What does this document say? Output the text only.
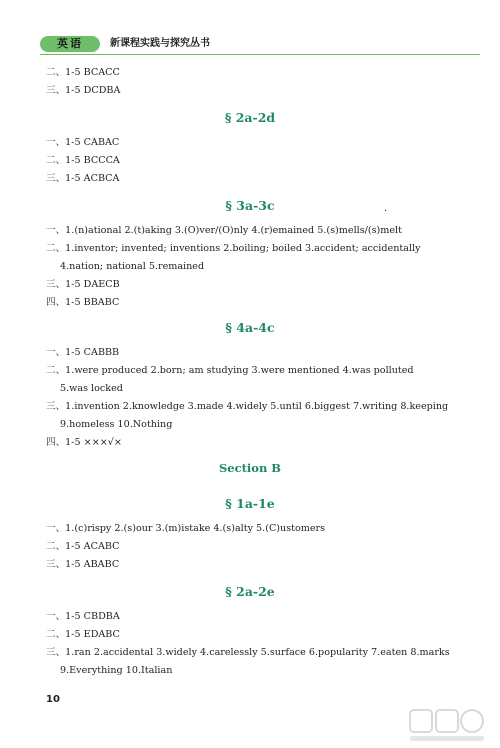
英语	新课程实践与探究丛书
二、1-5 BCACC
三、1-5 DCDBA
§ 2a-2d
一、1-5 CABAC
二、1-5 BCCCA
三、1-5 ACBCA
§ 3a-3c	.
一、1.(n)ational 2.(t)aking 3.(O)ver/(O)nly 4.(r)emained 5.(s)mells/(s)melt
二、1.inventor; invented; inventions 2.boiling; boiled 3.accident; accidentally
4.nation; national 5.remained
三、1-5 DAECB
四、1-5 BBABC
§ 4a-4c
一、1-5 CABBB
二、1.were produced 2.born; am studying 3.were mentioned 4.was polluted
5.was locked
三、1.invention 2.knowledge 3.made 4.widely 5.until 6.biggest 7.writing 8.keeping
9.homeless 10.Nothing
四、1-5 ×××√×
Section B
§ 1a-1e
一、1.(c)rispy 2.(s)our 3.(m)istake 4.(s)alty 5.(C)ustomers
二、1-5 ACABC
三、1-5 ABABC
§ 2a-2e
一、1-5 CBDBA
二、1-5 EDABC
三、1.ran 2.accidental 3.widely 4.carelessly 5.surface 6.popularity 7.eaten 8.marks
9.Everything 10.Italian
10
